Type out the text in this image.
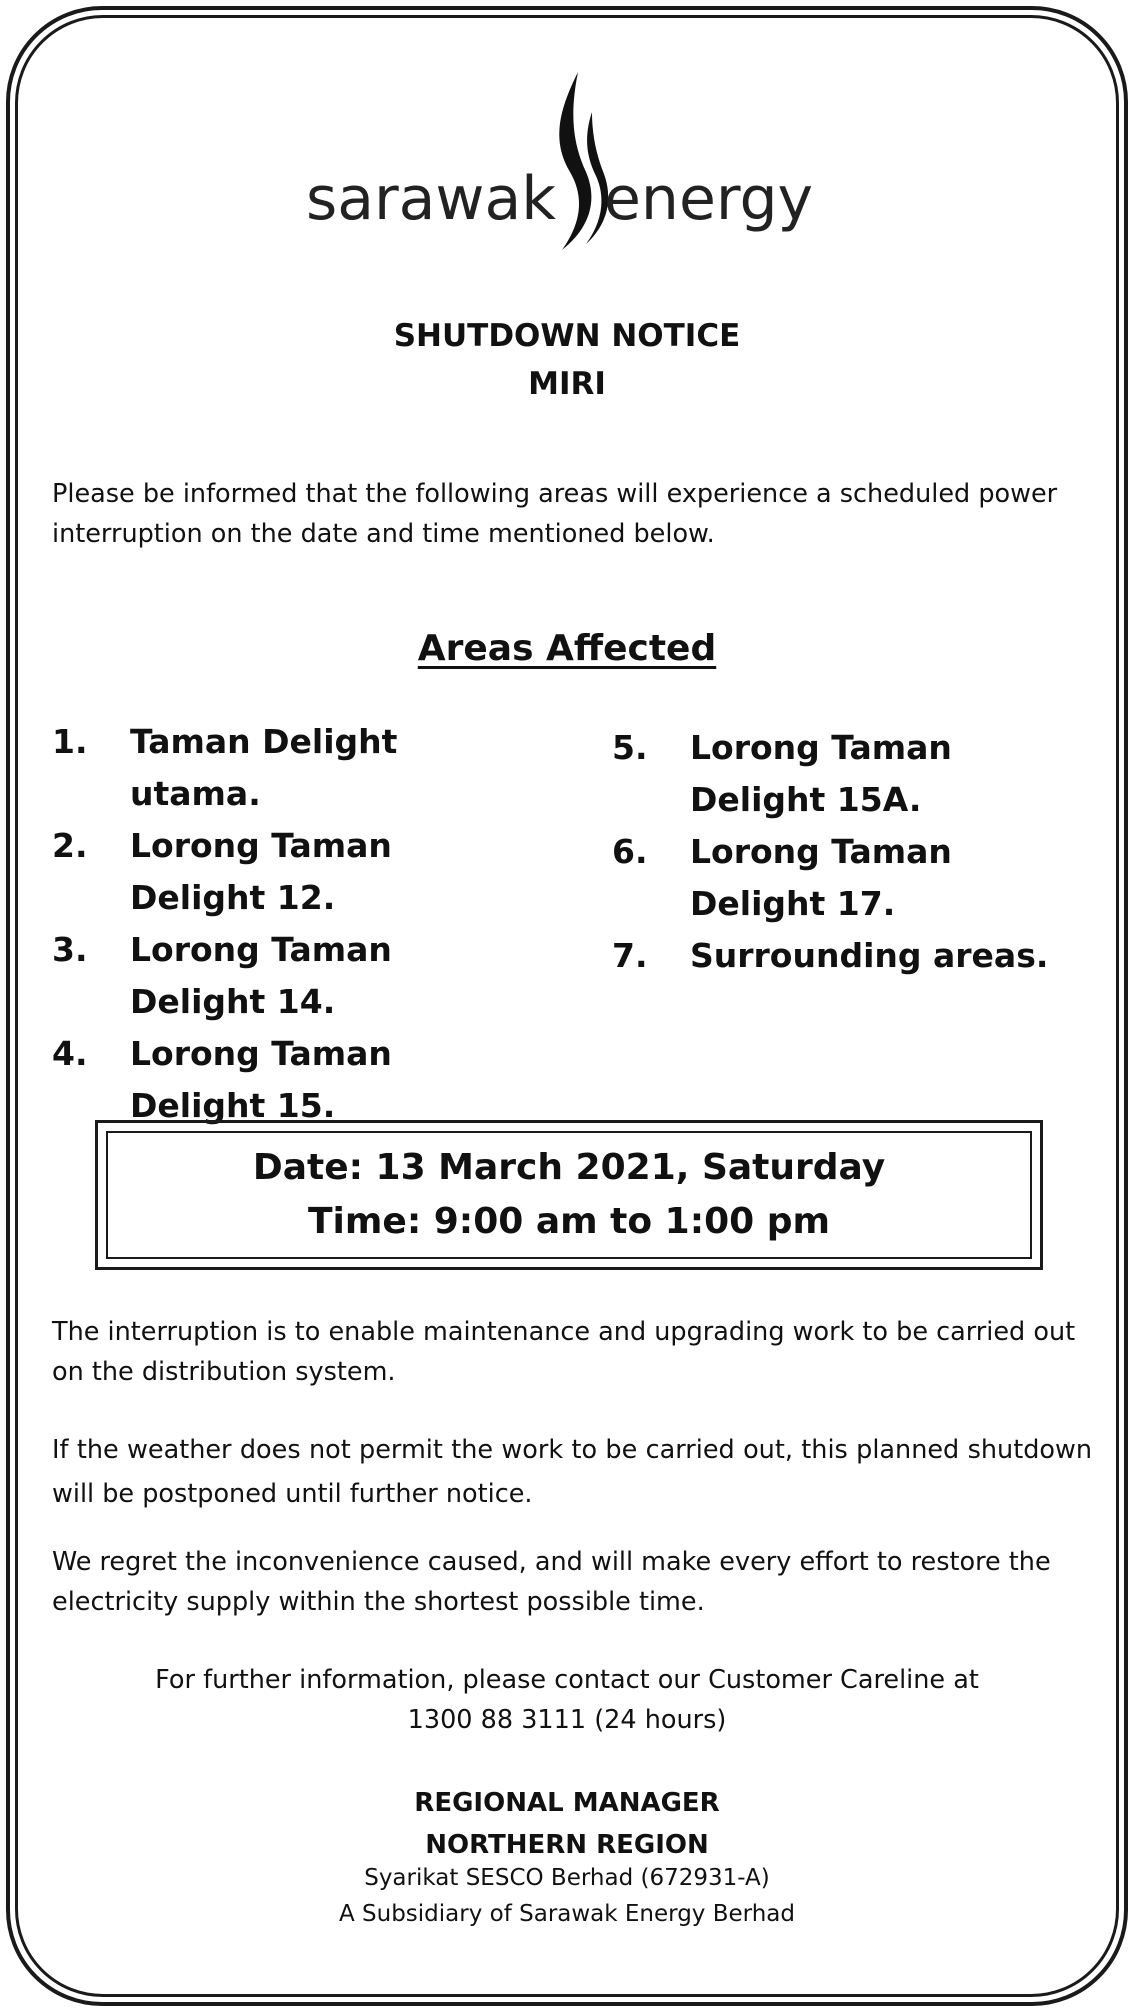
sarawak energy
SHUTDOWN NOTICE
MIRI
Please be informed that the following areas will experience a scheduled power interruption on the date and time mentioned below.
Areas Affected
1.	Taman Delight utama.
2.	Lorong Taman Delight 12.
3.	Lorong Taman Delight 14.
4.	Lorong Taman Delight 15.
5.	Lorong Taman Delight 15A.
6.	Lorong Taman Delight 17.
7.	Surrounding areas.
Date: 13 March 2021, Saturday
Time: 9:00 am to 1:00 pm
The interruption is to enable maintenance and upgrading work to be carried out on the distribution system.
If the weather does not permit the work to be carried out, this planned shutdown will be postponed until further notice.
We regret the inconvenience caused, and will make every effort to restore the electricity supply within the shortest possible time.
For further information, please contact our Customer Careline at
1300 88 3111 (24 hours)
REGIONAL MANAGER
NORTHERN REGION
Syarikat SESCO Berhad (672931-A)
A Subsidiary of Sarawak Energy Berhad
